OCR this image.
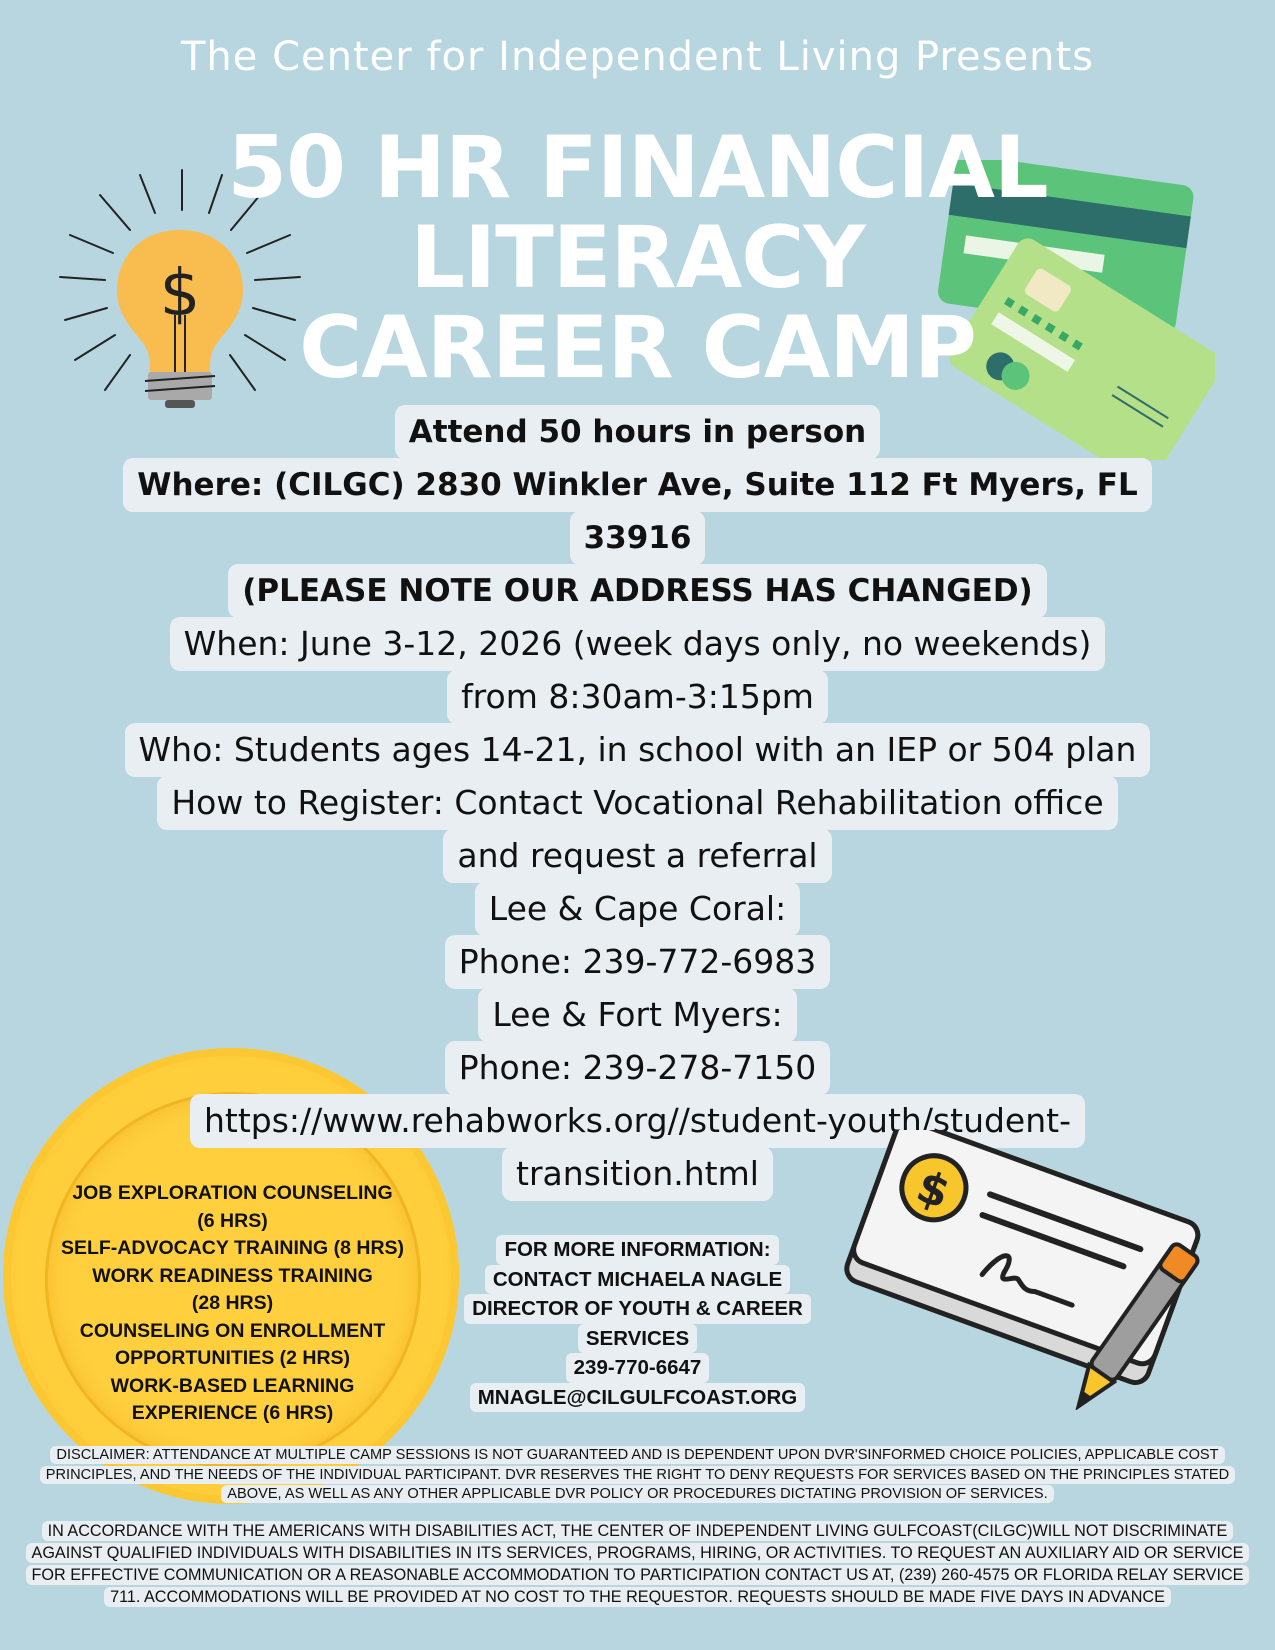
$
The Center for Independent Living Presents
50 HR FINANCIAL
LITERACY
CAREER CAMP
Attend 50 hours in person
Where: (CILGC) 2830 Winkler Ave, Suite 112 Ft Myers, FL
33916
(PLEASE NOTE OUR ADDRESS HAS CHANGED)
When: June 3-12, 2026 (week days only, no weekends)
from 8:30am-3:15pm
Who: Students ages 14-21, in school with an IEP or 504 plan
How to Register: Contact Vocational Rehabilitation office
and request a referral
Lee & Cape Coral:
Phone: 239-772-6983
Lee & Fort Myers:
Phone: 239-278-7150
https://www.rehabworks.org//student-youth/student-
transition.html
JOB EXPLORATION COUNSELING
(6 HRS)
SELF-ADVOCACY TRAINING (8 HRS)
WORK READINESS TRAINING
(28 HRS)
COUNSELING ON ENROLLMENT
OPPORTUNITIES (2 HRS)
WORK-BASED LEARNING
EXPERIENCE (6 HRS)
FOR MORE INFORMATION:
CONTACT MICHAELA NAGLE
DIRECTOR OF YOUTH & CAREER
SERVICES
239-770-6647
MNAGLE@CILGULFCOAST.ORG
$
DISCLAIMER: ATTENDANCE AT MULTIPLE CAMP SESSIONS IS NOT GUARANTEED AND IS DEPENDENT UPON DVR'SINFORMED CHOICE POLICIES, APPLICABLE COST PRINCIPLES, AND THE NEEDS OF THE INDIVIDUAL PARTICIPANT. DVR RESERVES THE RIGHT TO DENY REQUESTS FOR SERVICES BASED ON THE PRINCIPLES STATED ABOVE, AS WELL AS ANY OTHER APPLICABLE DVR POLICY OR PROCEDURES DICTATING PROVISION OF SERVICES.
IN ACCORDANCE WITH THE AMERICANS WITH DISABILITIES ACT, THE CENTER OF INDEPENDENT LIVING GULFCOAST(CILGC)WILL NOT DISCRIMINATE AGAINST QUALIFIED INDIVIDUALS WITH DISABILITIES IN ITS SERVICES, PROGRAMS, HIRING, OR ACTIVITIES. TO REQUEST AN AUXILIARY AID OR SERVICE FOR EFFECTIVE COMMUNICATION OR A REASONABLE ACCOMMODATION TO PARTICIPATION CONTACT US AT, (239) 260-4575 OR FLORIDA RELAY SERVICE 711. ACCOMMODATIONS WILL BE PROVIDED AT NO COST TO THE REQUESTOR. REQUESTS SHOULD BE MADE FIVE DAYS IN ADVANCE
